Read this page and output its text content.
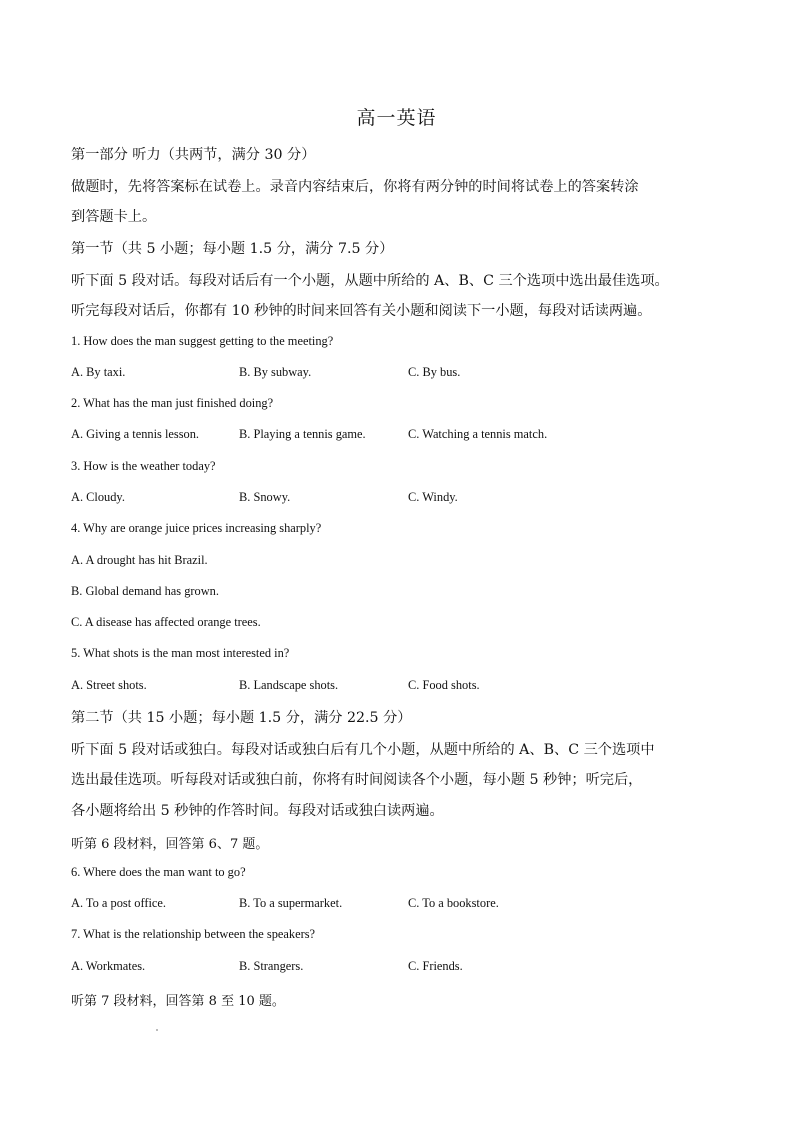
高一英语
第一部分 听力（共两节，满分 30 分）
做题时，先将答案标在试卷上。录音内容结束后，你将有两分钟的时间将试卷上的答案转涂
到答题卡上。
第一节（共 5 小题；每小题 1.5 分，满分 7.5 分）
听下面 5 段对话。每段对话后有一个小题，从题中所给的 A、B、C 三个选项中选出最佳选项。
听完每段对话后，你都有 10 秒钟的时间来回答有关小题和阅读下一小题，每段对话读两遍。
1. How does the man suggest getting to the meeting?
A. By taxi.	B. By subway.	C. By bus.
2. What has the man just finished doing?
A. Giving a tennis lesson.	B. Playing a tennis game.	C. Watching a tennis match.
3. How is the weather today?
A. Cloudy.	B. Snowy.	C. Windy.
4. Why are orange juice prices increasing sharply?
A. A drought has hit Brazil.
B. Global demand has grown.
C. A disease has affected orange trees.
5. What shots is the man most interested in?
A. Street shots.	B. Landscape shots.	C. Food shots.
第二节（共 15 小题；每小题 1.5 分，满分 22.5 分）
听下面 5 段对话或独白。每段对话或独白后有几个小题，从题中所给的 A、B、C 三个选项中
选出最佳选项。听每段对话或独白前，你将有时间阅读各个小题，每小题 5 秒钟；听完后，
各小题将给出 5 秒钟的作答时间。每段对话或独白读两遍。
听第 6 段材料，回答第 6、7 题。
6. Where does the man want to go?
A. To a post office.	B. To a supermarket.	C. To a bookstore.
7. What is the relationship between the speakers?
A. Workmates.	B. Strangers.	C. Friends.
听第 7 段材料，回答第 8 至 10 题。
